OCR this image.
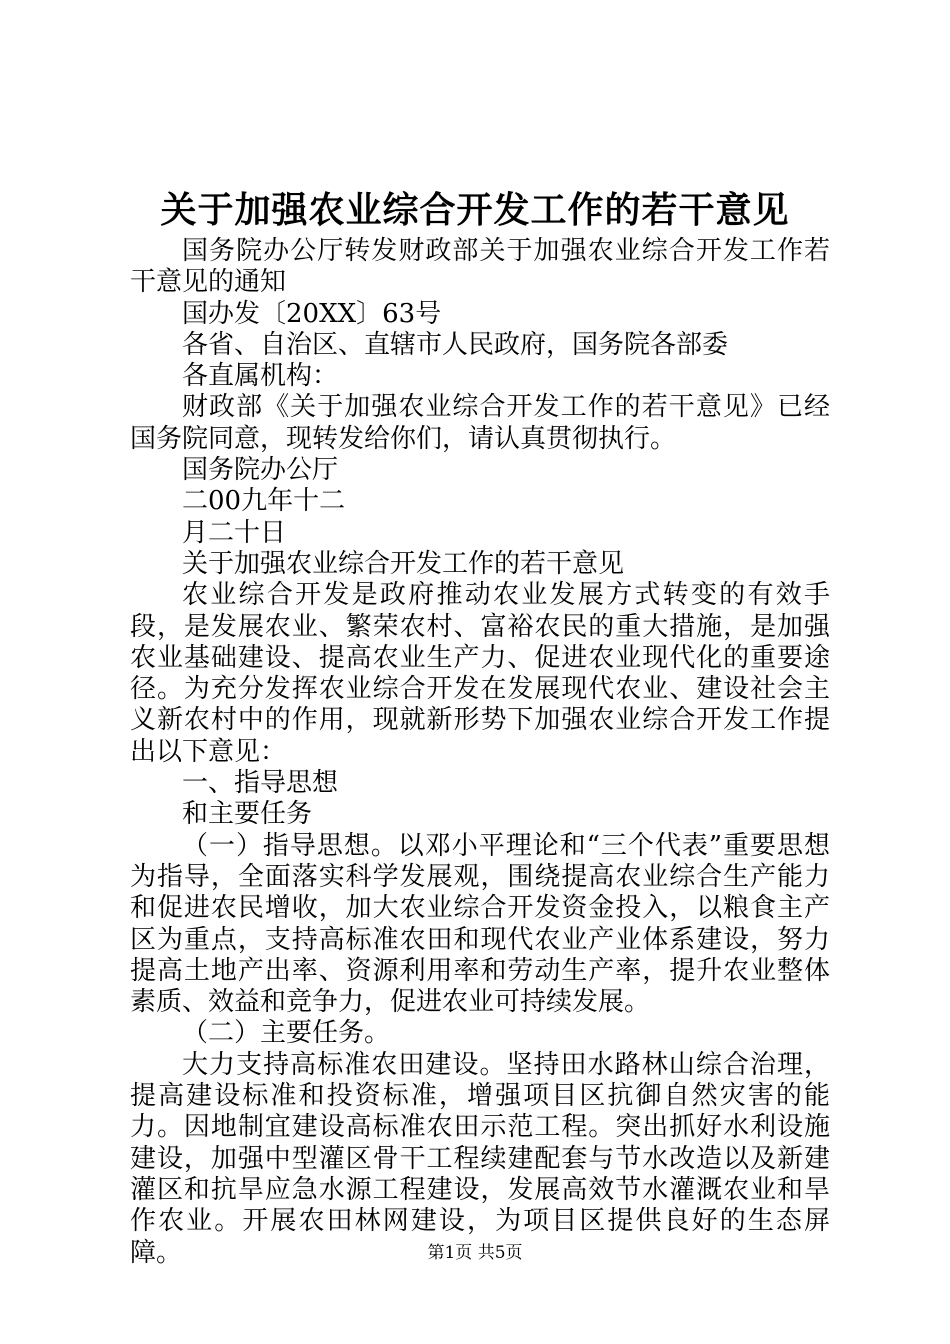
关于加强农业综合开发工作的若干意见

国务院办公厅转发财政部关于加强农业综合开发工作若干意见的通知

国办发〔20XX〕63号

各省、自治区、直辖市人民政府，国务院各部委

各直属机构：

财政部《关于加强农业综合开发工作的若干意见》已经国务院同意，现转发给你们，请认真贯彻执行。

国务院办公厅

二00九年十二

月二十日

关于加强农业综合开发工作的若干意见

农业综合开发是政府推动农业发展方式转变的有效手段，是发展农业、繁荣农村、富裕农民的重大措施，是加强农业基础建设、提高农业生产力、促进农业现代化的重要途径。为充分发挥农业综合开发在发展现代农业、建设社会主义新农村中的作用，现就新形势下加强农业综合开发工作提出以下意见：

一、指导思想

和主要任务

（一）指导思想。以邓小平理论和“三个代表”重要思想为指导，全面落实科学发展观，围绕提高农业综合生产能力和促进农民增收，加大农业综合开发资金投入，以粮食主产区为重点，支持高标准农田和现代农业产业体系建设，努力提高土地产出率、资源利用率和劳动生产率，提升农业整体素质、效益和竞争力，促进农业可持续发展。

（二）主要任务。

大力支持高标准农田建设。坚持田水路林山综合治理，提高建设标准和投资标准，增强项目区抗御自然灾害的能力。因地制宜建设高标准农田示范工程。突出抓好水利设施建设，加强中型灌区骨干工程续建配套与节水改造以及新建灌区和抗旱应急水源工程建设，发展高效节水灌溉农业和旱作农业。开展农田林网建设，为项目区提供良好的生态屏障。	第1页 共5页
